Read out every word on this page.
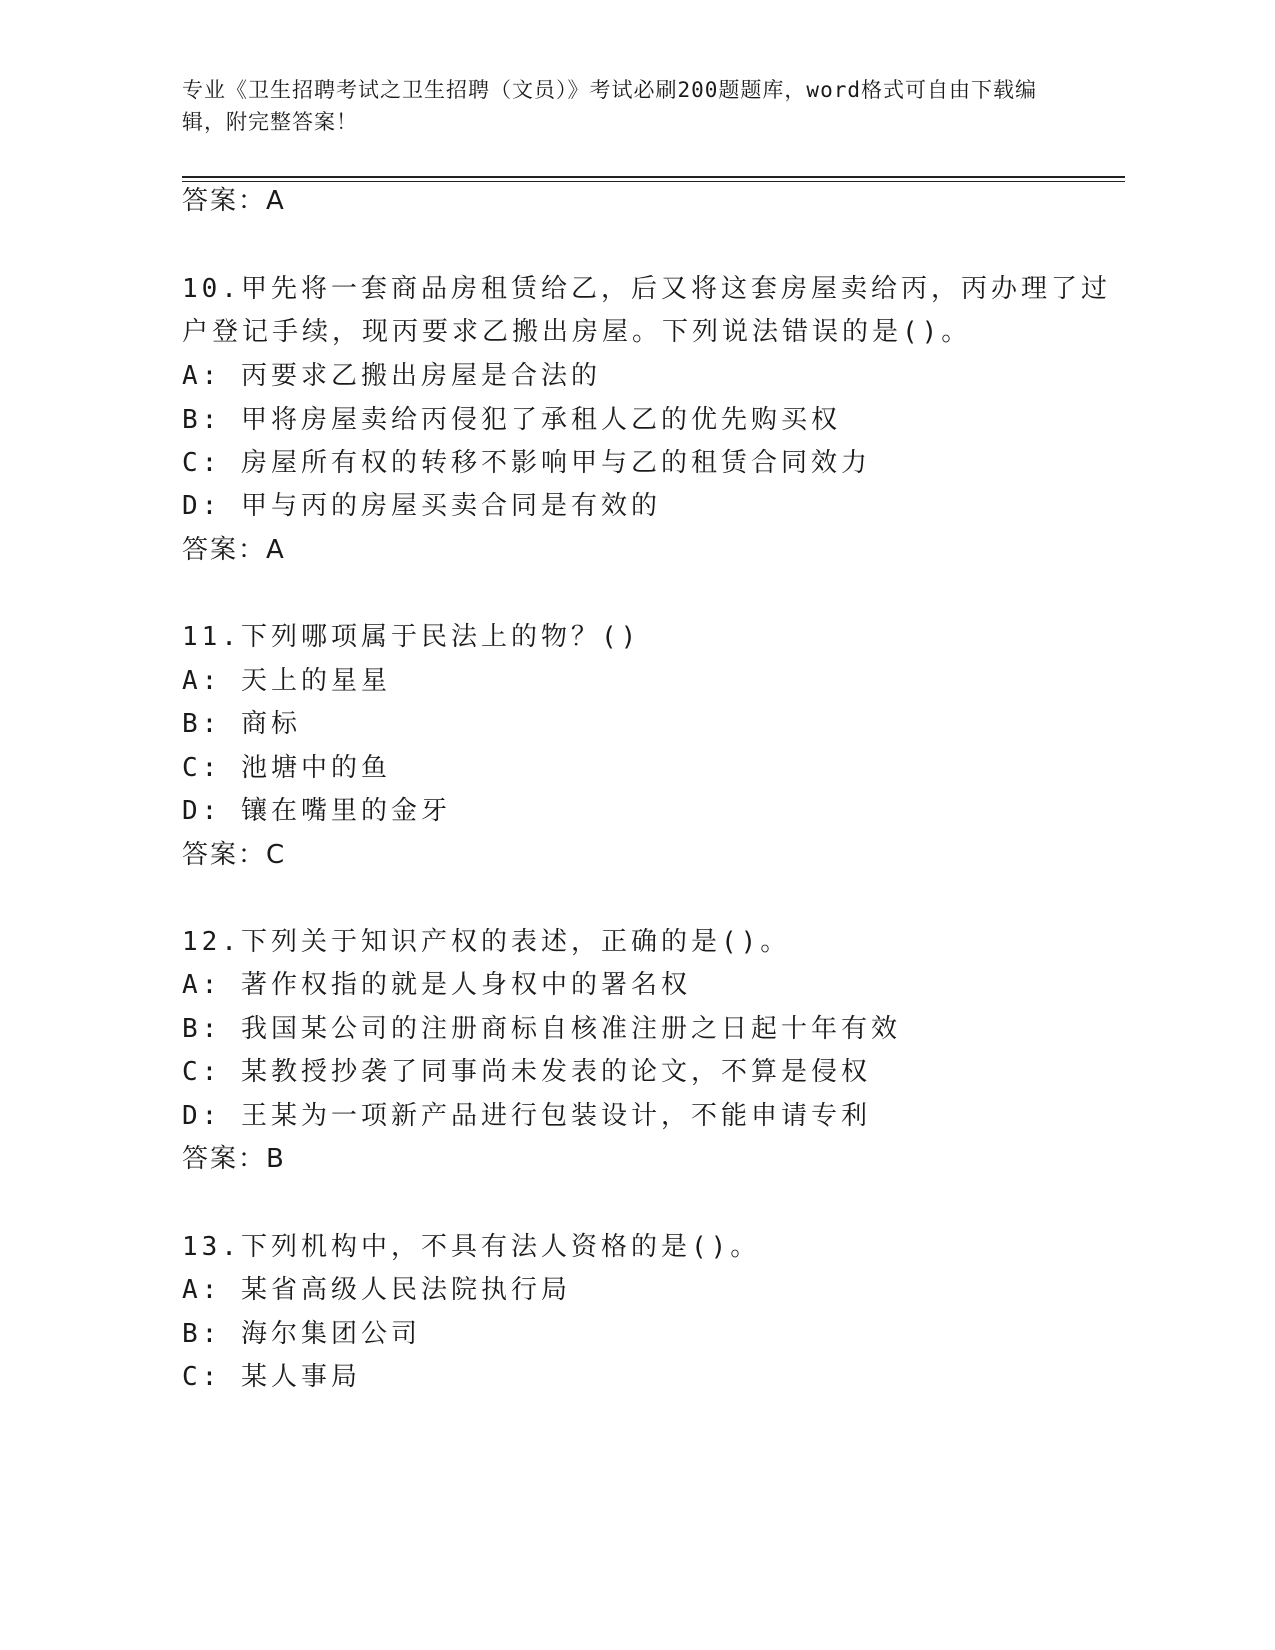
专业《卫生招聘考试之卫生招聘（文员）》考试必刷200题题库，word格式可自由下载编辑，附完整答案！
答案：A
10.甲先将一套商品房租赁给乙，后又将这套房屋卖给丙，丙办理了过
户登记手续，现丙要求乙搬出房屋。下列说法错误的是()。
A: 丙要求乙搬出房屋是合法的
B: 甲将房屋卖给丙侵犯了承租人乙的优先购买权
C: 房屋所有权的转移不影响甲与乙的租赁合同效力
D: 甲与丙的房屋买卖合同是有效的
答案：A
11.下列哪项属于民法上的物？()
A: 天上的星星
B: 商标
C: 池塘中的鱼
D: 镶在嘴里的金牙
答案：C
12.下列关于知识产权的表述，正确的是()。
A: 著作权指的就是人身权中的署名权
B: 我国某公司的注册商标自核准注册之日起十年有效
C: 某教授抄袭了同事尚未发表的论文，不算是侵权
D: 王某为一项新产品进行包装设计，不能申请专利
答案：B
13.下列机构中，不具有法人资格的是()。
A: 某省高级人民法院执行局
B: 海尔集团公司
C: 某人事局
